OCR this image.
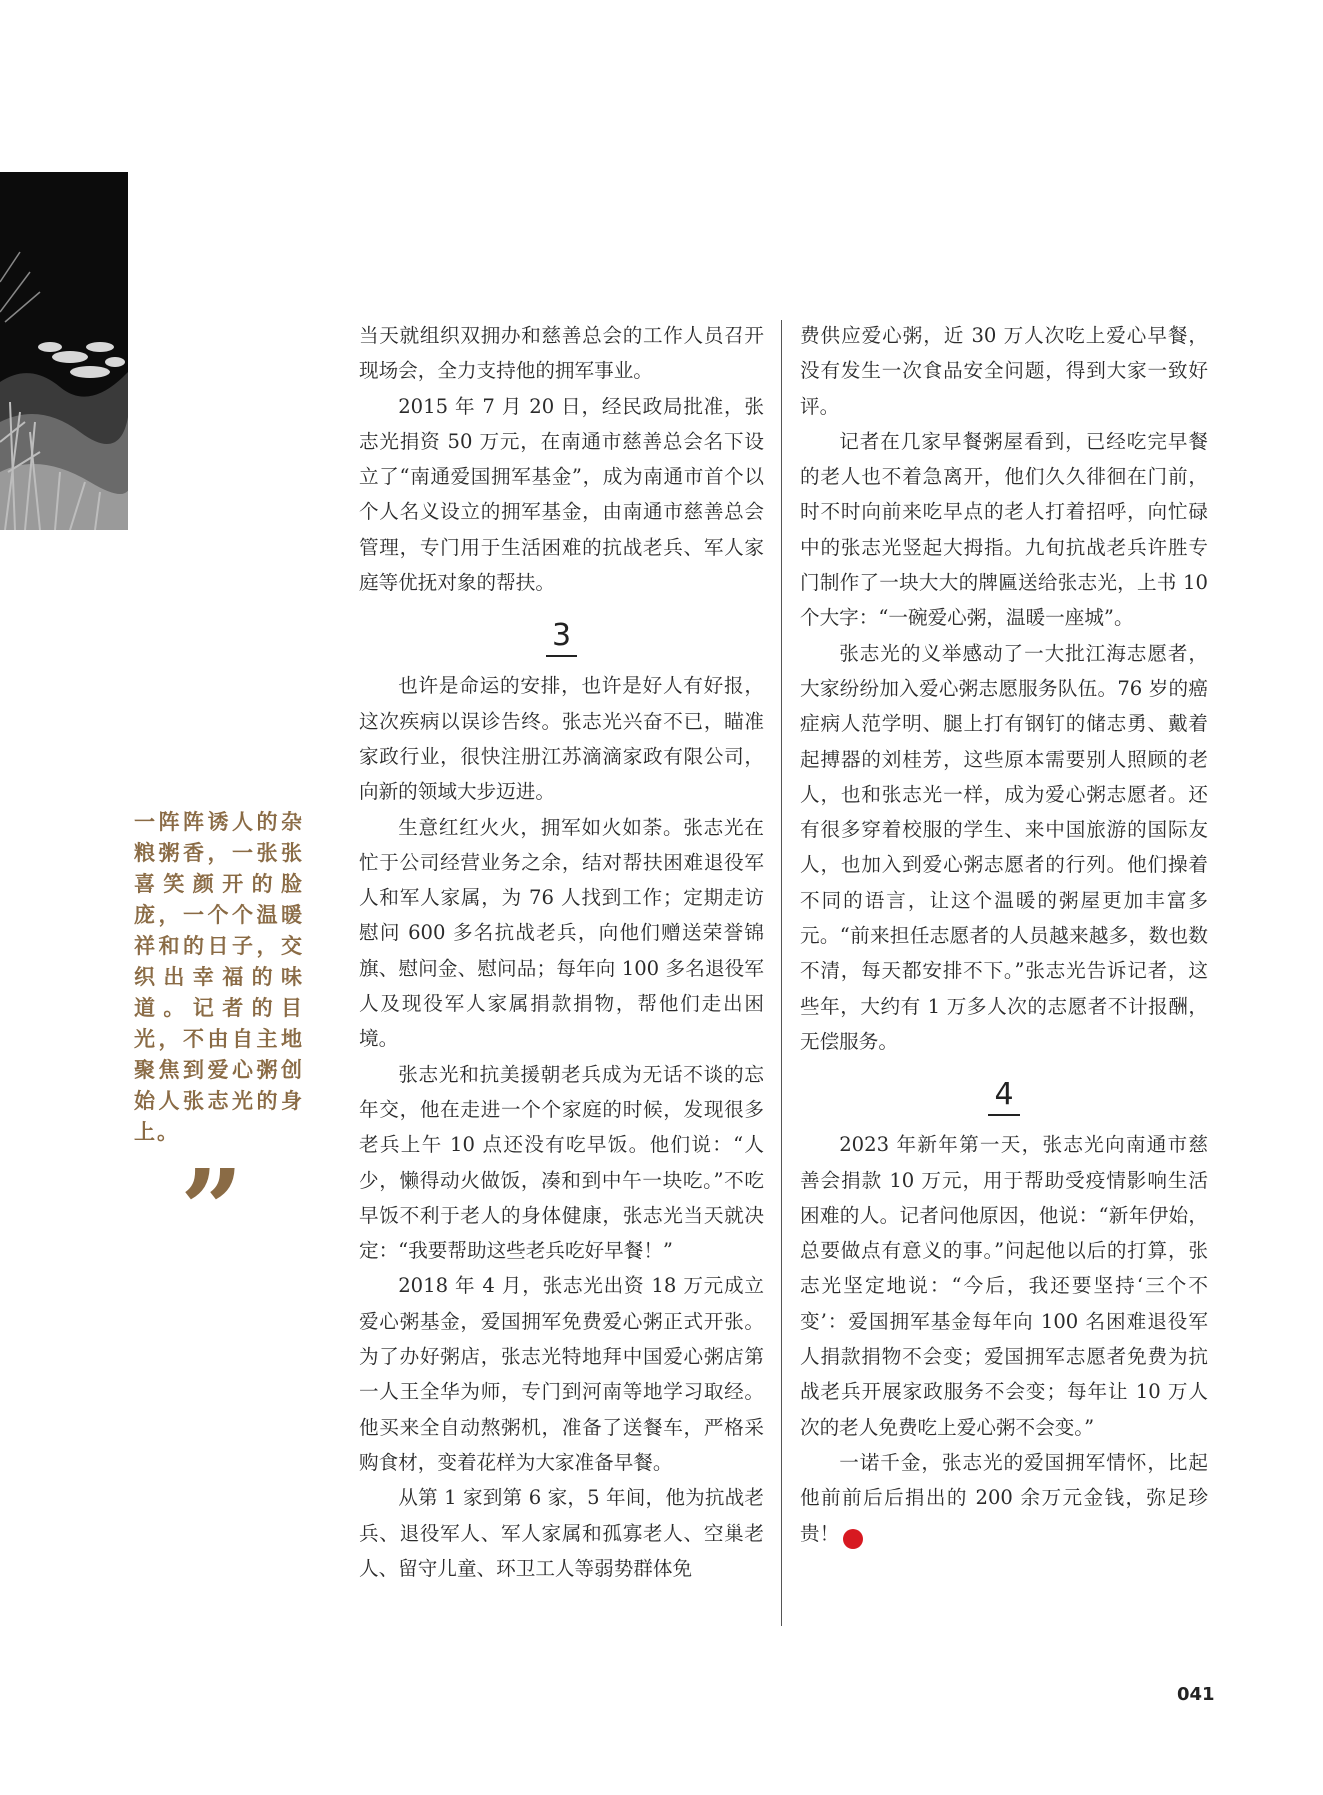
一阵阵诱人的杂粮粥香，一张张喜笑颜开的脸庞，一个个温暖祥和的日子，交织出幸福的味道。记者的目光，不由自主地聚焦到爱心粥创始人张志光的身上。
”

当天就组织双拥办和慈善总会的工作人员召开现场会，全力支持他的拥军事业。

2015 年 7 月 20 日，经民政局批准，张志光捐资 50 万元，在南通市慈善总会名下设立了“南通爱国拥军基金”，成为南通市首个以个人名义设立的拥军基金，由南通市慈善总会管理，专门用于生活困难的抗战老兵、军人家庭等优抚对象的帮扶。

3

也许是命运的安排，也许是好人有好报，这次疾病以误诊告终。张志光兴奋不已，瞄准家政行业，很快注册江苏滴滴家政有限公司，向新的领域大步迈进。

生意红红火火，拥军如火如荼。张志光在忙于公司经营业务之余，结对帮扶困难退役军人和军人家属，为 76 人找到工作；定期走访慰问 600 多名抗战老兵，向他们赠送荣誉锦旗、慰问金、慰问品；每年向 100 多名退役军人及现役军人家属捐款捐物，帮他们走出困境。

张志光和抗美援朝老兵成为无话不谈的忘年交，他在走进一个个家庭的时候，发现很多老兵上午 10 点还没有吃早饭。他们说：“人少，懒得动火做饭，凑和到中午一块吃。”不吃早饭不利于老人的身体健康，张志光当天就决定：“我要帮助这些老兵吃好早餐！”

2018 年 4 月，张志光出资 18 万元成立爱心粥基金，爱国拥军免费爱心粥正式开张。为了办好粥店，张志光特地拜中国爱心粥店第一人王全华为师，专门到河南等地学习取经。他买来全自动熬粥机，准备了送餐车，严格采购食材，变着花样为大家准备早餐。

从第 1 家到第 6 家，5 年间，他为抗战老兵、退役军人、军人家属和孤寡老人、空巢老人、留守儿童、环卫工人等弱势群体免

费供应爱心粥，近 30 万人次吃上爱心早餐，没有发生一次食品安全问题，得到大家一致好评。

记者在几家早餐粥屋看到，已经吃完早餐的老人也不着急离开，他们久久徘徊在门前，时不时向前来吃早点的老人打着招呼，向忙碌中的张志光竖起大拇指。九旬抗战老兵许胜专门制作了一块大大的牌匾送给张志光，上书 10 个大字：“一碗爱心粥，温暖一座城”。

张志光的义举感动了一大批江海志愿者，大家纷纷加入爱心粥志愿服务队伍。76 岁的癌症病人范学明、腿上打有钢钉的储志勇、戴着起搏器的刘桂芳，这些原本需要别人照顾的老人，也和张志光一样，成为爱心粥志愿者。还有很多穿着校服的学生、来中国旅游的国际友人，也加入到爱心粥志愿者的行列。他们操着不同的语言，让这个温暖的粥屋更加丰富多元。“前来担任志愿者的人员越来越多，数也数不清，每天都安排不下。”张志光告诉记者，这些年，大约有 1 万多人次的志愿者不计报酬，无偿服务。

4

2023 年新年第一天，张志光向南通市慈善会捐款 10 万元，用于帮助受疫情影响生活困难的人。记者问他原因，他说：“新年伊始，总要做点有意义的事。”问起他以后的打算，张志光坚定地说：“今后，我还要坚持‘三个不变’：爱国拥军基金每年向 100 名困难退役军人捐款捐物不会变；爱国拥军志愿者免费为抗战老兵开展家政服务不会变；每年让 10 万人次的老人免费吃上爱心粥不会变。”

一诺千金，张志光的爱国拥军情怀，比起他前前后后捐出的 200 余万元金钱，弥足珍贵！	N

041
